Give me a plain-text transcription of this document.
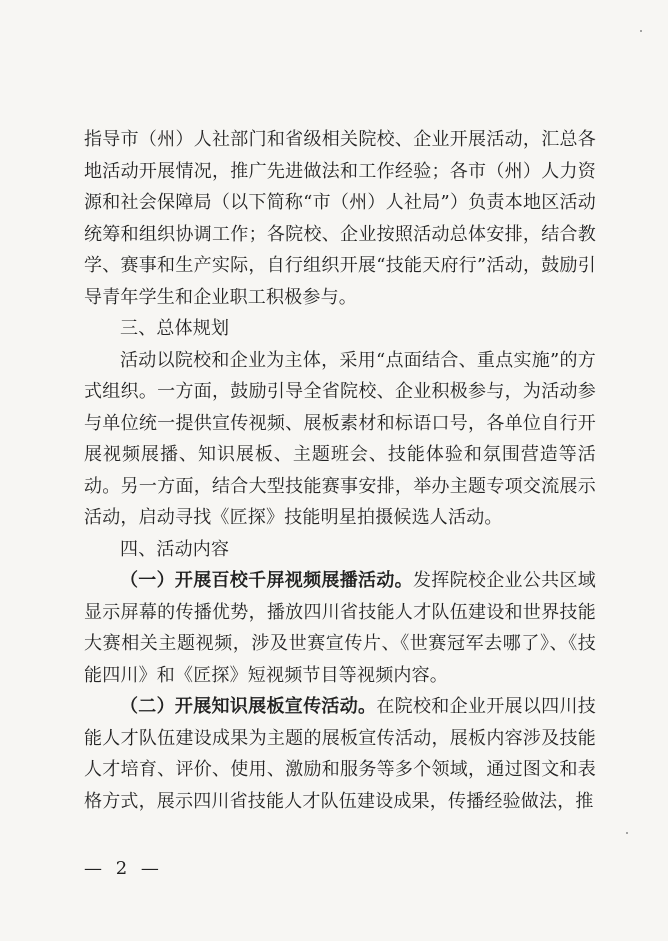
指导市（州）人社部门和省级相关院校、企业开展活动，汇总各地活动开展情况，推广先进做法和工作经验；各市（州）人力资源和社会保障局（以下简称“市（州）人社局”）负责本地区活动统筹和组织协调工作；各院校、企业按照活动总体安排，结合教学、赛事和生产实际，自行组织开展“技能天府行”活动，鼓励引导青年学生和企业职工积极参与。

三、总体规划

活动以院校和企业为主体，采用“点面结合、重点实施”的方式组织。一方面，鼓励引导全省院校、企业积极参与，为活动参与单位统一提供宣传视频、展板素材和标语口号，各单位自行开展视频展播、知识展板、主题班会、技能体验和氛围营造等活动。另一方面，结合大型技能赛事安排，举办主题专项交流展示活动，启动寻找《匠探》技能明星拍摄候选人活动。

四、活动内容

（一）开展百校千屏视频展播活动。发挥院校企业公共区域显示屏幕的传播优势，播放四川省技能人才队伍建设和世界技能大赛相关主题视频，涉及世赛宣传片、《世赛冠军去哪了》、《技能四川》和《匠探》短视频节目等视频内容。

（二）开展知识展板宣传活动。在院校和企业开展以四川技能人才队伍建设成果为主题的展板宣传活动，展板内容涉及技能人才培育、评价、使用、激励和服务等多个领域，通过图文和表格方式，展示四川省技能人才队伍建设成果，传播经验做法，推

— 2 —
